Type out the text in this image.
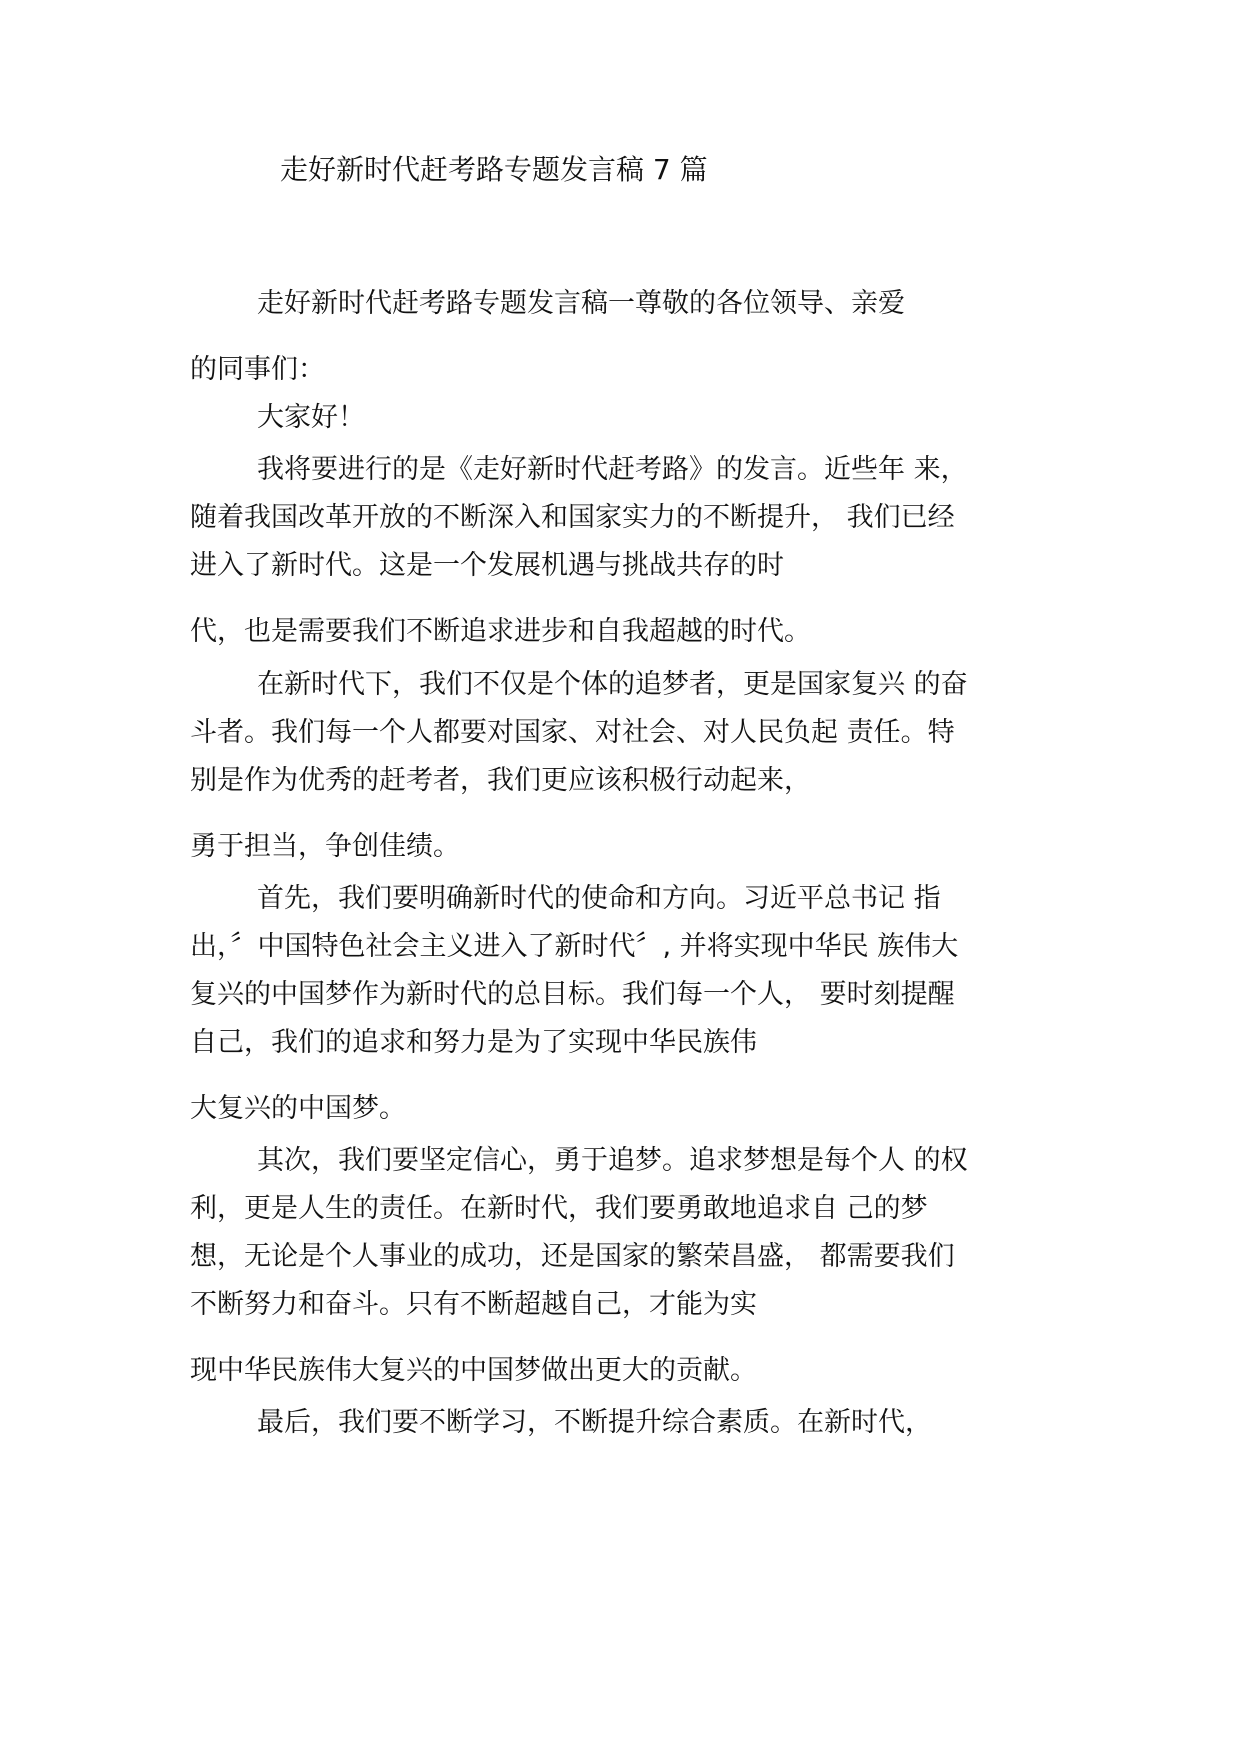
走好新时代赶考路专题发言稿 7 篇

走好新时代赶考路专题发言稿一尊敬的各位领导、亲爱

的同事们：

大家好！

我将要进行的是《走好新时代赶考路》的发言。近些年 来，

随着我国改革开放的不断深入和国家实力的不断提升， 我们已经

进入了新时代。这是一个发展机遇与挑战共存的时

代，也是需要我们不断追求进步和自我超越的时代。

在新时代下，我们不仅是个体的追梦者，更是国家复兴 的奋

斗者。我们每一个人都要对国家、对社会、对人民负起 责任。特

别是作为优秀的赶考者，我们更应该积极行动起来，

勇于担当，争创佳绩。

首先，我们要明确新时代的使命和方向。习近平总书记 指

出，〞中国特色社会主义进入了新时代〞, 并将实现中华民 族伟大

复兴的中国梦作为新时代的总目标。我们每一个人， 要时刻提醒

自己，我们的追求和努力是为了实现中华民族伟

大复兴的中国梦。

其次，我们要坚定信心，勇于追梦。追求梦想是每个人 的权

利，更是人生的责任。在新时代，我们要勇敢地追求自 己的梦

想，无论是个人事业的成功，还是国家的繁荣昌盛， 都需要我们

不断努力和奋斗。只有不断超越自己，才能为实

现中华民族伟大复兴的中国梦做出更大的贡献。

最后，我们要不断学习，不断提升综合素质。在新时代，
